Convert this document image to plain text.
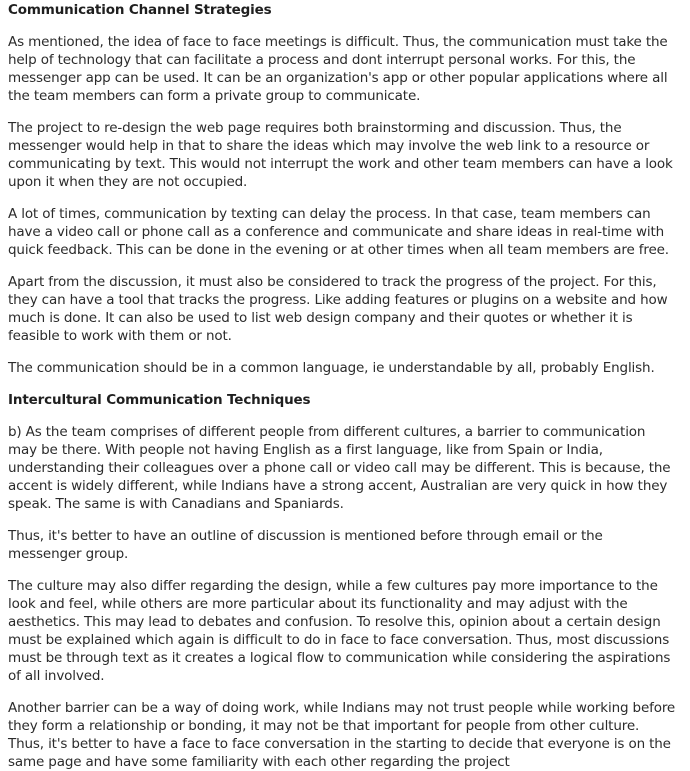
Communication Channel Strategies

As mentioned, the idea of face to face meetings is difficult. Thus, the communication must take the help of technology that can facilitate a process and dont interrupt personal works. For this, the messenger app can be used. It can be an organization's app or other popular applications where all the team members can form a private group to communicate.

The project to re-design the web page requires both brainstorming and discussion. Thus, the messenger would help in that to share the ideas which may involve the web link to a resource or communicating by text. This would not interrupt the work and other team members can have a look upon it when they are not occupied.

A lot of times, communication by texting can delay the process. In that case, team members can have a video call or phone call as a conference and communicate and share ideas in real-time with quick feedback. This can be done in the evening or at other times when all team members are free.

Apart from the discussion, it must also be considered to track the progress of the project. For this, they can have a tool that tracks the progress. Like adding features or plugins on a website and how much is done. It can also be used to list web design company and their quotes or whether it is feasible to work with them or not.

The communication should be in a common language, ie understandable by all, probably English.

Intercultural Communication Techniques

b) As the team comprises of different people from different cultures, a barrier to communication may be there. With people not having English as a first language, like from Spain or India, understanding their colleagues over a phone call or video call may be different. This is because, the accent is widely different, while Indians have a strong accent, Australian are very quick in how they speak. The same is with Canadians and Spaniards.

Thus, it's better to have an outline of discussion is mentioned before through email or the messenger group.

The culture may also differ regarding the design, while a few cultures pay more importance to the look and feel, while others are more particular about its functionality and may adjust with the aesthetics. This may lead to debates and confusion. To resolve this, opinion about a certain design must be explained which again is difficult to do in face to face conversation. Thus, most discussions must be through text as it creates a logical flow to communication while considering the aspirations of all involved.

Another barrier can be a way of doing work, while Indians may not trust people while working before they form a relationship or bonding, it may not be that important for people from other culture. Thus, it's better to have a face to face conversation in the starting to decide that everyone is on the same page and have some familiarity with each other regarding the project
